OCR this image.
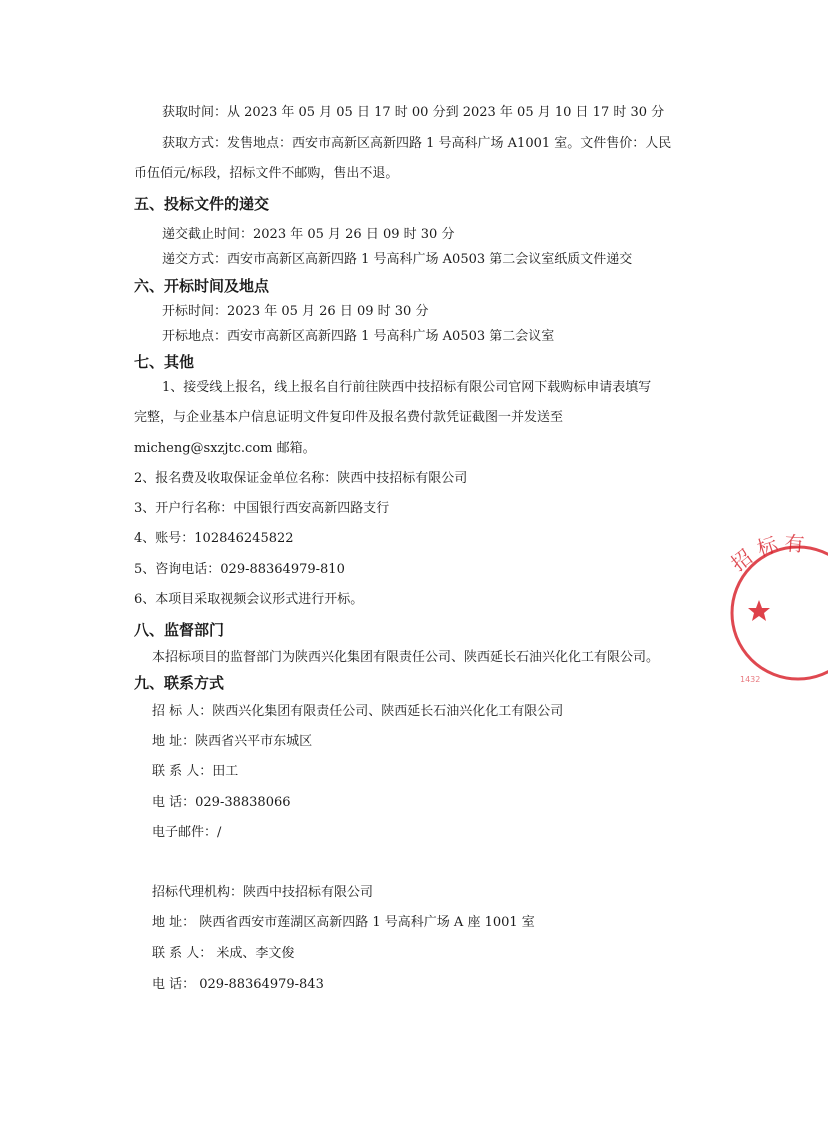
获取时间：从 2023 年 05 月 05 日 17 时 00 分到 2023 年 05 月 10 日 17 时 30 分

获取方式：发售地点：西安市高新区高新四路 1 号高科广场 A1001 室。文件售价：人民

币伍佰元/标段，招标文件不邮购，售出不退。

五、投标文件的递交

递交截止时间：2023 年 05 月 26 日 09 时 30 分

递交方式：西安市高新区高新四路 1 号高科广场 A0503 第二会议室纸质文件递交

六、开标时间及地点

开标时间：2023 年 05 月 26 日 09 时 30 分

开标地点：西安市高新区高新四路 1 号高科广场 A0503 第二会议室

七、其他

1、接受线上报名，线上报名自行前往陕西中技招标有限公司官网下载购标申请表填写

完整，与企业基本户信息证明文件复印件及报名费付款凭证截图一并发送至

micheng@sxzjtc.com 邮箱。

2、报名费及收取保证金单位名称：陕西中技招标有限公司

3、开户行名称：中国银行西安高新四路支行

4、账号：102846245822

5、咨询电话：029-88364979-810

6、本项目采取视频会议形式进行开标。

八、监督部门

本招标项目的监督部门为陕西兴化集团有限责任公司、陕西延长石油兴化化工有限公司。

九、联系方式

招 标 人：陕西兴化集团有限责任公司、陕西延长石油兴化化工有限公司

地 址：陕西省兴平市东城区

联 系 人：田工

电 话：029-38838066

电子邮件：/

招标代理机构：陕西中技招标有限公司

地 址： 陕西省西安市莲湖区高新四路 1 号高科广场 A 座 1001 室

联 系 人： 米成、李文俊

电 话： 029-88364979-843

招
标 有
1432
